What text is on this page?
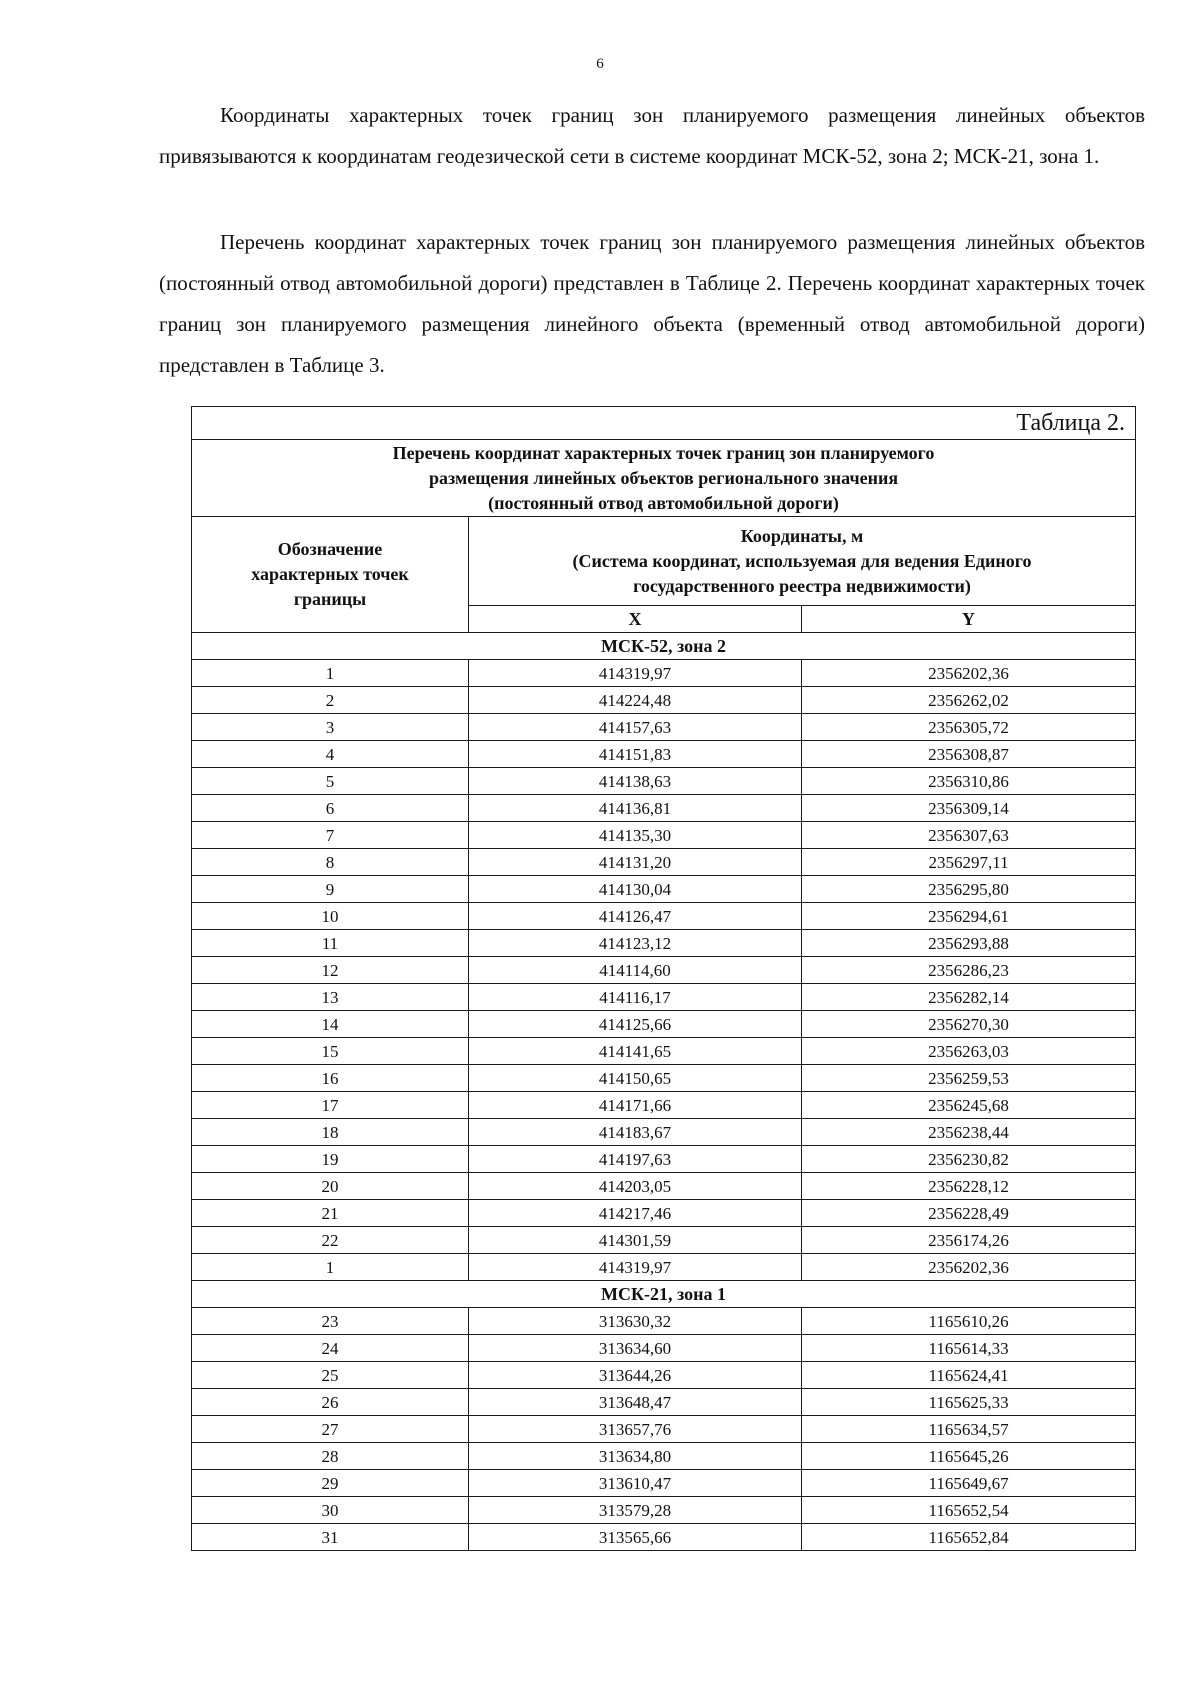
6

Координаты характерных точек границ зон планируемого размещения линейных объектов привязываются к координатам геодезической сети в системе координат МСК-52, зона 2; МСК-21, зона 1.

Перечень координат характерных точек границ зон планируемого размещения линейных объектов (постоянный отвод автомобильной дороги) представлен в Таблице 2. Перечень координат характерных точек границ зон планируемого размещения линейного объекта (временный отвод автомобильной дороги) представлен в Таблице 3.

Таблица 2.		

Перечень координат характерных точек границ зон планируемого
размещения линейных объектов регионального значения
(постоянный отвод автомобильной дороги)		

Обозначение характерных точек границы	Координаты, м
(Система координат, используемая для ведения Единого
государственного реестра недвижимости)	

	X	Y
МСК-52, зона 2		
1	414319,97	2356202,36
2	414224,48	2356262,02
3	414157,63	2356305,72
4	414151,83	2356308,87
5	414138,63	2356310,86
6	414136,81	2356309,14
7	414135,30	2356307,63
8	414131,20	2356297,11
9	414130,04	2356295,80
10	414126,47	2356294,61
11	414123,12	2356293,88
12	414114,60	2356286,23
13	414116,17	2356282,14
14	414125,66	2356270,30
15	414141,65	2356263,03
16	414150,65	2356259,53
17	414171,66	2356245,68
18	414183,67	2356238,44
19	414197,63	2356230,82
20	414203,05	2356228,12
21	414217,46	2356228,49
22	414301,59	2356174,26
1	414319,97	2356202,36
МСК-21, зона 1		
23	313630,32	1165610,26
24	313634,60	1165614,33
25	313644,26	1165624,41
26	313648,47	1165625,33
27	313657,76	1165634,57
28	313634,80	1165645,26
29	313610,47	1165649,67
30	313579,28	1165652,54
31	313565,66	1165652,84
